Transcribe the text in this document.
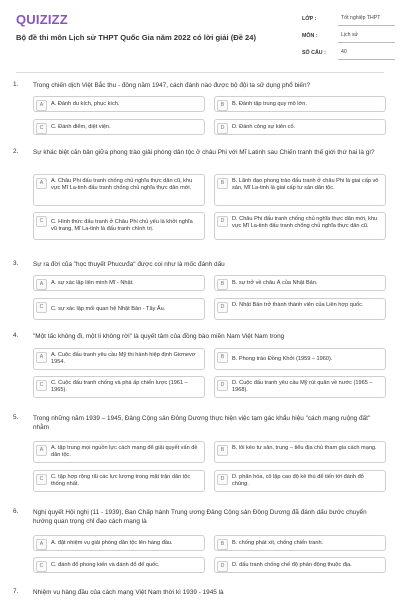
QUIZIZZ
Bộ đề thi môn Lịch sử THPT Quốc Gia năm 2022 có lời giải (Đề 24)
LỚP :	Tốt nghiệp THPT
MÔN :	Lịch sử
SỐ CÂU :	40
1. Trong chiến dịch Việt Bắc thu - đông năm 1947, cách đánh nào được bộ đội ta sử dụng phổ biến?
A	A. Đánh du kích, phục kích.	B	B. Đánh tập trung quy mô lớn.
C	C. Đánh điểm, diệt viện.	D	D. Đánh công sự kiên cố.
2. Sự khác biệt căn bản giữa phong trào giải phóng dân tộc ở châu Phi với Mĩ Latinh sau Chiến tranh thế giới thứ hai là gì?
A	A. Châu Phi đấu tranh chống chủ nghĩa thực dân cũ, khu vực Mĩ La-tinh đấu tranh chống chủ nghĩa thực dân mới.
B	B. Lãnh đạo phong trào đấu tranh ở châu Phi là giai cấp vô sản, Mĩ La-tinh là giai cấp tư sản dân tộc.
C	C. Hình thức đấu tranh ở Châu Phi chủ yếu là khởi nghĩa vũ trang, Mĩ La-tinh là đấu tranh chính trị.
D	D. Châu Phi đấu tranh chống chủ nghĩa thực dân mới, khu vực Mĩ La-tinh đấu tranh chống chủ nghĩa thực dân cũ.
3. Sự ra đời của "học thuyết Phucưđa" được coi như là mốc đánh dấu
A	A. sự xác lập liên minh Mĩ - Nhật.	B	B. sự trở về châu Á của Nhật Bản.
C	C. sự xác lập mối quan hệ Nhật Bản - Tây Âu.	D	D. Nhật Bản trở thành thành viên của Liên hợp quốc.
4. "Một tấc không đi, một li không rời" là quyết tâm của đồng bào miền Nam Việt Nam trong
A	A. Cuộc đấu tranh yêu cầu Mỹ thi hành hiệp định Giơnevơ 1954.
B	B. Phong trào Đồng Khởi (1959 – 1960).
C	C. Cuộc đấu tranh chống và phá ấp chiến lược (1961 – 1965).
D	D. Cuộc đấu tranh yêu cầu Mỹ rút quân về nước (1965 – 1968).
5. Trong những năm 1939 – 1945, Đảng Cộng sản Đông Dương thực hiện việc tạm gác khẩu hiệu "cách mạng ruộng đất" nhằm
A	A. tập trung mọi nguồn lực cách mạng để giải quyết vấn đề dân tộc.
B	B. lôi kéo tư sản, trung – tiểu địa chủ tham gia cách mạng.
C	C. tập hợp rộng rãi các lực lượng trong mặt trận dân tộc thống nhất.
D	D. phân hóa, cô lập cao độ kẻ thù để tiến tới đánh đổ chúng.
6. Nghị quyết Hội nghị (11 - 1939), Ban Chấp hành Trung ương Đảng Cộng sản Đông Dương đã đánh dấu bước chuyển hướng quan trọng chỉ đạo cách mạng là
A	A. đặt nhiệm vụ giải phóng dân tộc lên hàng đầu.	B	B. chống phát xít, chống chiến tranh.
C	C. đánh đổ phong kiến và đánh đổ đế quốc.	D	D. đấu tranh chống chế độ phản động thuộc địa.
7. Nhiệm vụ hàng đầu của cách mạng Việt Nam thời kì 1939 - 1945 là
